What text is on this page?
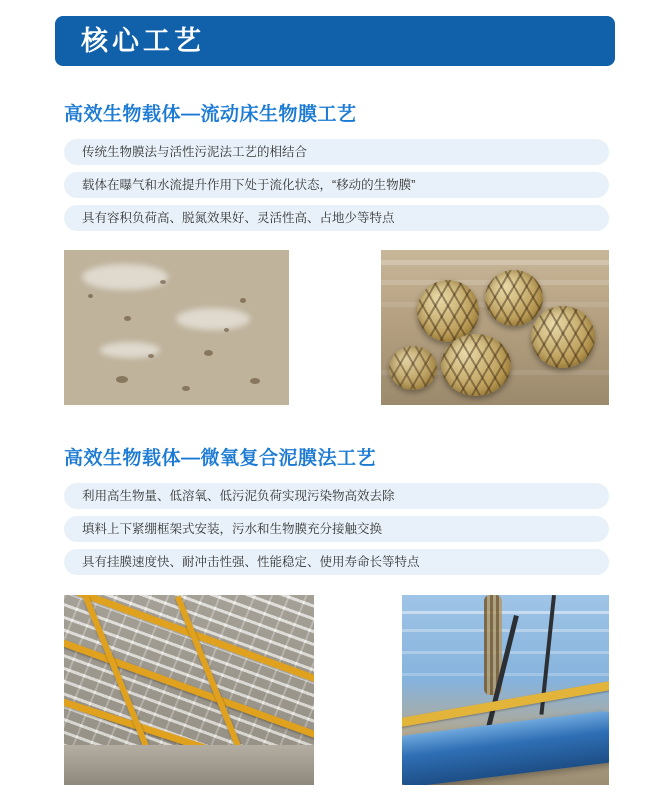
核心工艺
高效生物载体—流动床生物膜工艺
传统生物膜法与活性污泥法工艺的相结合
载体在曝气和水流提升作用下处于流化状态，“移动的生物膜”
具有容积负荷高、脱氮效果好、灵活性高、占地少等特点
高效生物载体—微氧复合泥膜法工艺
利用高生物量、低溶氧、低污泥负荷实现污染物高效去除
填料上下紧绷框架式安装，污水和生物膜充分接触交换
具有挂膜速度快、耐冲击性强、性能稳定、使用寿命长等特点
